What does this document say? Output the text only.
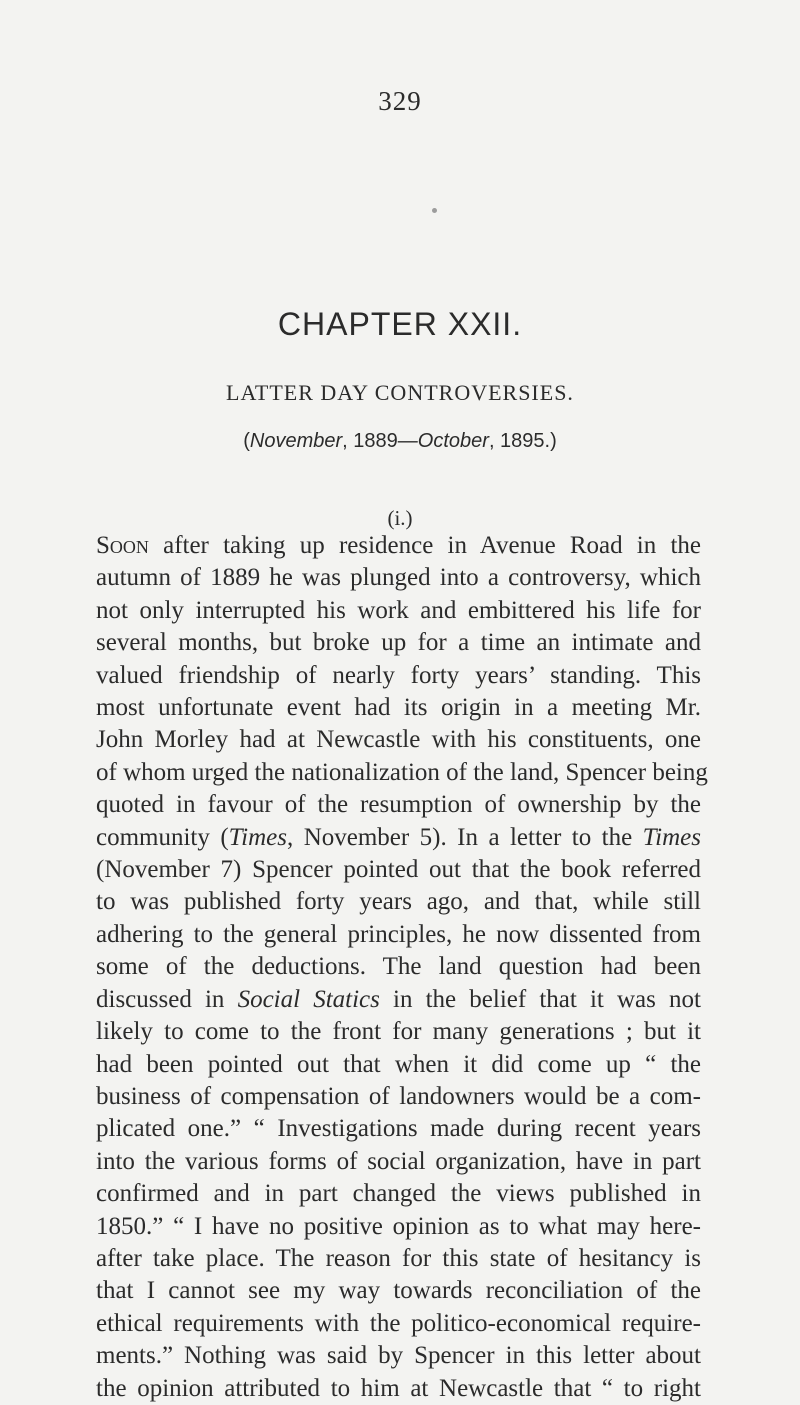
329
CHAPTER XXII.
LATTER DAY CONTROVERSIES.
(November, 1889—October, 1895.)
(i.)
Soon after taking up residence in Avenue Road in the
autumn of 1889 he was plunged into a controversy, which
not only interrupted his work and embittered his life for
several months, but broke up for a time an intimate and
valued friendship of nearly forty years’ standing. This
most unfortunate event had its origin in a meeting Mr.
John Morley had at Newcastle with his constituents, one
of whom urged the nationalization of the land, Spencer being
quoted in favour of the resumption of ownership by the
community (Times, November 5). In a letter to the Times
(November 7) Spencer pointed out that the book referred
to was published forty years ago, and that, while still
adhering to the general principles, he now dissented from
some of the deductions. The land question had been
discussed in Social Statics in the belief that it was not
likely to come to the front for many generations ; but it
had been pointed out that when it did come up “ the
business of compensation of landowners would be a com-
plicated one.” “ Investigations made during recent years
into the various forms of social organization, have in part
confirmed and in part changed the views published in
1850.” “ I have no positive opinion as to what may here-
after take place. The reason for this state of hesitancy is
that I cannot see my way towards reconciliation of the
ethical requirements with the politico-economical require-
ments.” Nothing was said by Spencer in this letter about
the opinion attributed to him at Newcastle that “ to right
